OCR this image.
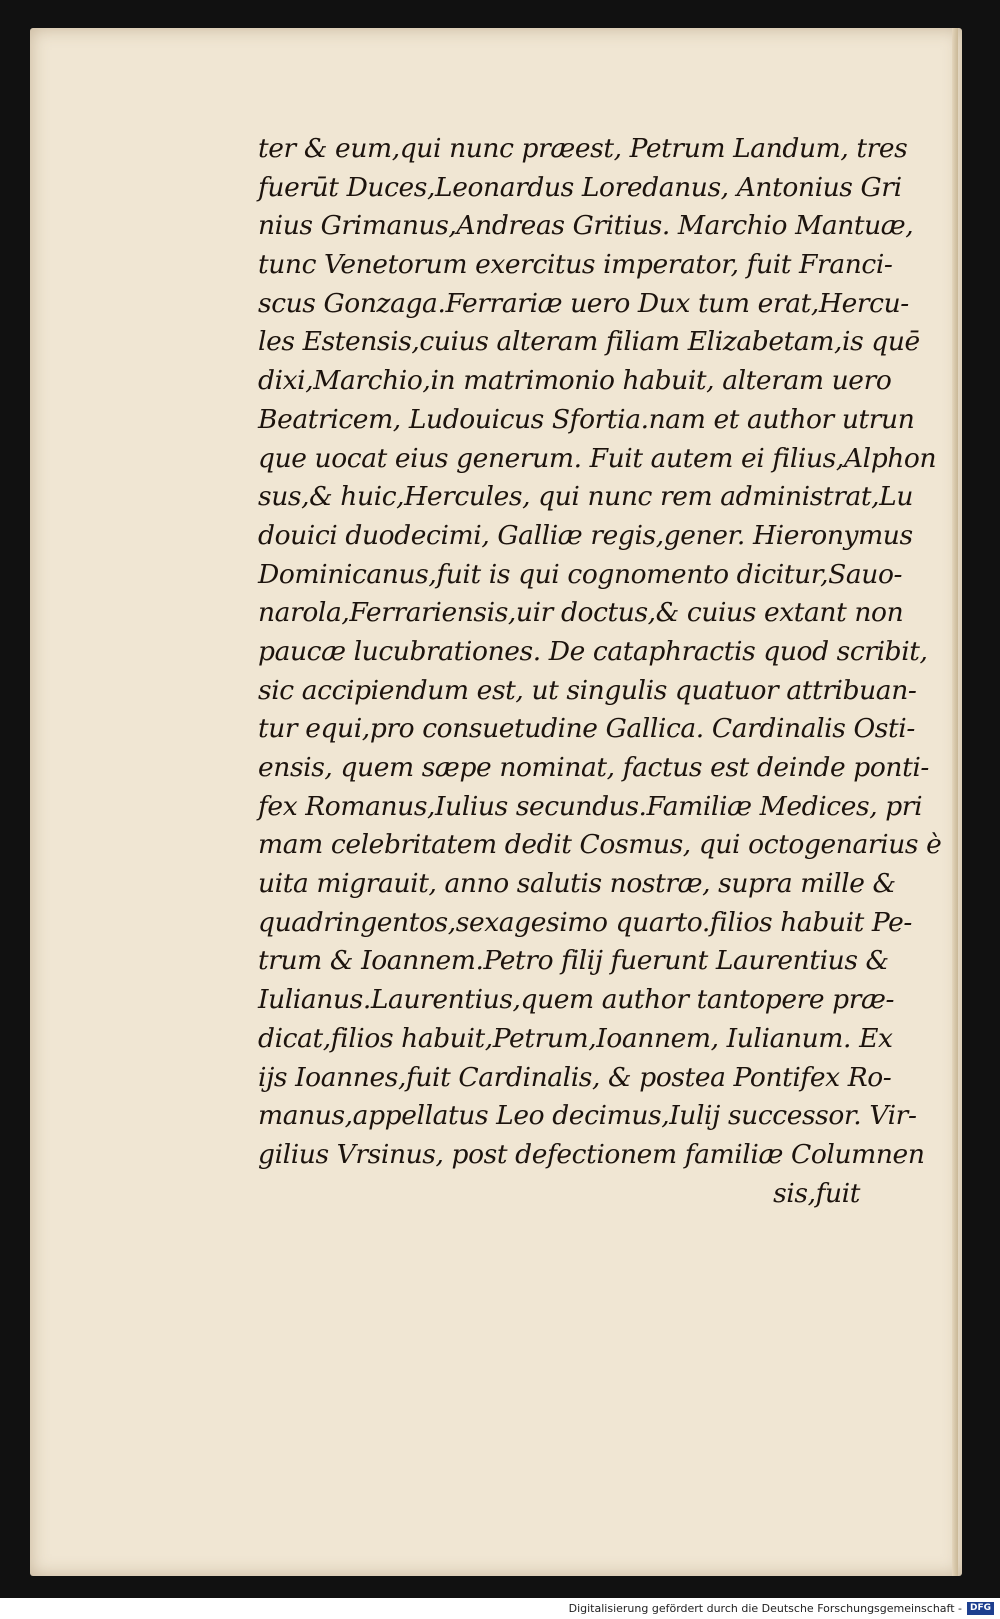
ter & eum,qui nunc præest, Petrum Landum, tres
fuerūt Duces,Leonardus Loredanus, Antonius Gri
nius Grimanus,Andreas Gritius. Marchio Mantuæ,
tunc Venetorum exercitus imperator, fuit Franci-
scus Gonzaga.Ferrariæ uero Dux tum erat,Hercu-
les Estensis,cuius alteram filiam Elizabetam,is quē
dixi,Marchio,in matrimonio habuit, alteram uero
Beatricem, Ludouicus Sfortia.nam et author utrun
que uocat eius generum. Fuit autem ei filius,Alphon
sus,& huic,Hercules, qui nunc rem administrat,Lu
douici duodecimi, Galliæ regis,gener. Hieronymus
Dominicanus,fuit is qui cognomento dicitur,Sauo-
narola,Ferrariensis,uir doctus,& cuius extant non
paucæ lucubrationes. De cataphractis quod scribit,
sic accipiendum est, ut singulis quatuor attribuan-
tur equi,pro consuetudine Gallica. Cardinalis Osti-
ensis, quem sæpe nominat, factus est deinde ponti-
fex Romanus,Iulius secundus.Familiæ Medices, pri
mam celebritatem dedit Cosmus, qui octogenarius è
uita migrauit, anno salutis nostræ, supra mille &
quadringentos,sexagesimo quarto.filios habuit Pe-
trum & Ioannem.Petro filij fuerunt Laurentius &
Iulianus.Laurentius,quem author tantopere præ-
dicat,filios habuit,Petrum,Ioannem, Iulianum. Ex
ijs Ioannes,fuit Cardinalis, & postea Pontifex Ro-
manus,appellatus Leo decimus,Iulij successor. Vir-
gilius Vrsinus, post defectionem familiæ Columnen
sis,fuit
Digitalisierung gefördert durch die Deutsche Forschungsgemeinschaft - DFG
